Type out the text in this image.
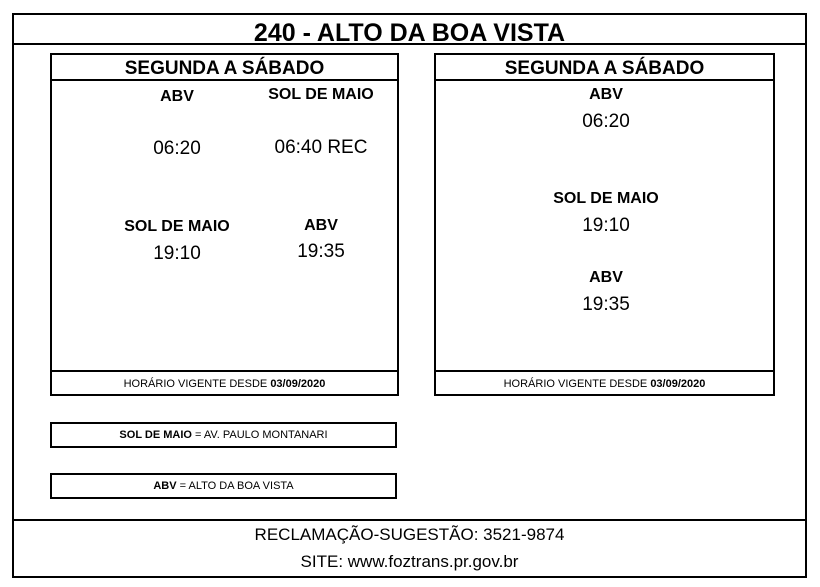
240 - ALTO DA BOA VISTA
SEGUNDA A SÁBADO
ABV
06:20
SOL DE MAIO
06:40 REC
SOL DE MAIO
19:10
ABV
19:35
HORÁRIO VIGENTE DESDE 03/09/2020
SEGUNDA A SÁBADO
ABV
06:20
SOL DE MAIO
19:10
ABV
19:35
HORÁRIO VIGENTE DESDE 03/09/2020
SOL DE MAIO = AV. PAULO MONTANARI
ABV = ALTO DA BOA VISTA
RECLAMAÇÃO-SUGESTÃO: 3521-9874
SITE: www.foztrans.pr.gov.br
